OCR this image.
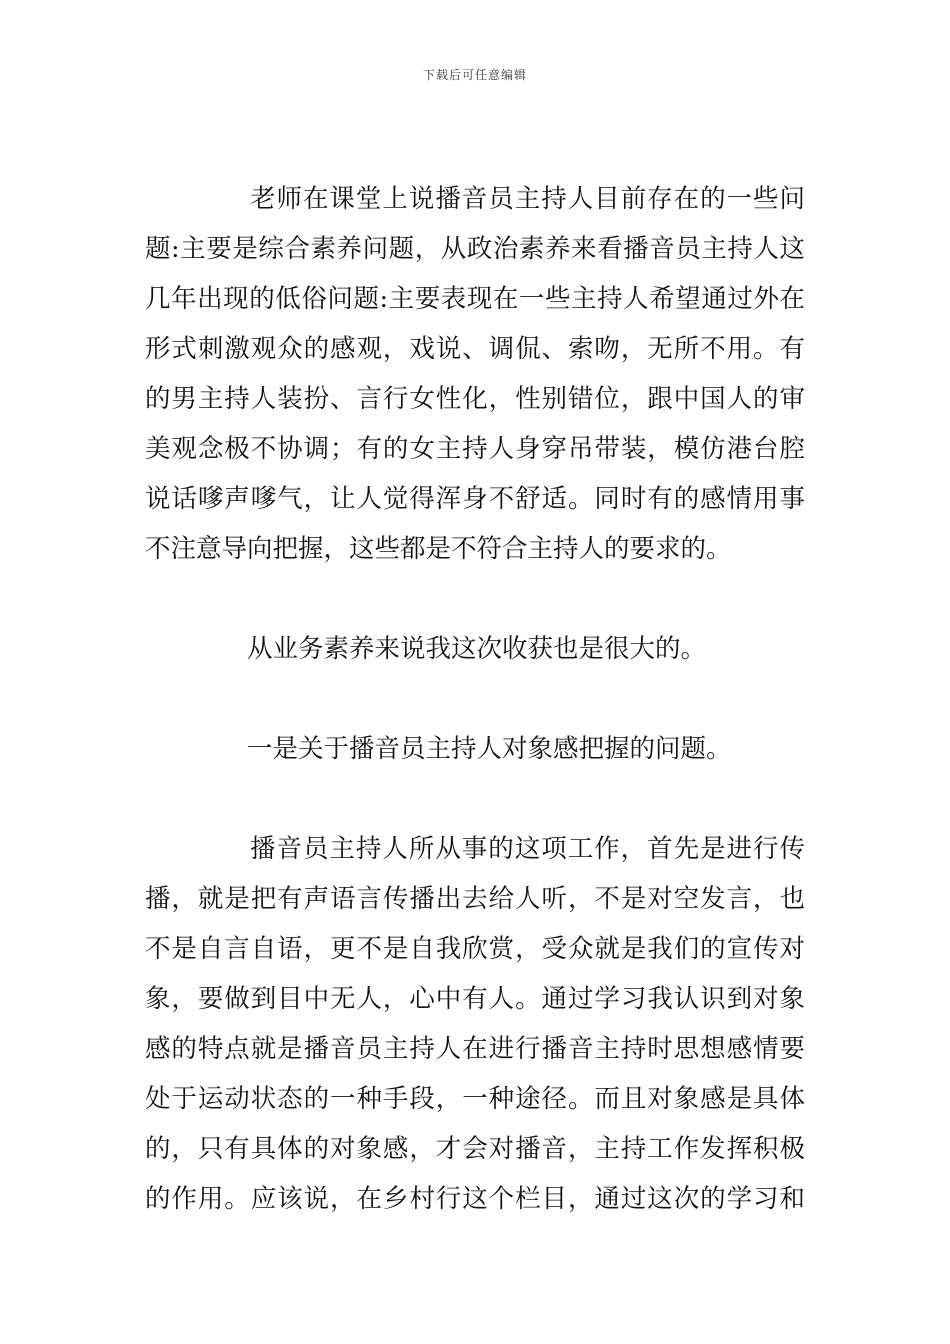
下载后可任意编辑
老师在课堂上说播音员主持人目前存在的一些问
题:主要是综合素养问题，从政治素养来看播音员主持人这
几年出现的低俗问题:主要表现在一些主持人希望通过外在
形式刺激观众的感观，戏说、调侃、索吻，无所不用。有
的男主持人装扮、言行女性化，性别错位，跟中国人的审
美观念极不协调；有的女主持人身穿吊带装，模仿港台腔
说话嗲声嗲气，让人觉得浑身不舒适。同时有的感情用事
不注意导向把握，这些都是不符合主持人的要求的。
从业务素养来说我这次收获也是很大的。
一是关于播音员主持人对象感把握的问题。
播音员主持人所从事的这项工作，首先是进行传
播，就是把有声语言传播出去给人听，不是对空发言，也
不是自言自语，更不是自我欣赏，受众就是我们的宣传对
象，要做到目中无人，心中有人。通过学习我认识到对象
感的特点就是播音员主持人在进行播音主持时思想感情要
处于运动状态的一种手段，一种途径。而且对象感是具体
的，只有具体的对象感，才会对播音，主持工作发挥积极
的作用。应该说，在乡村行这个栏目，通过这次的学习和
